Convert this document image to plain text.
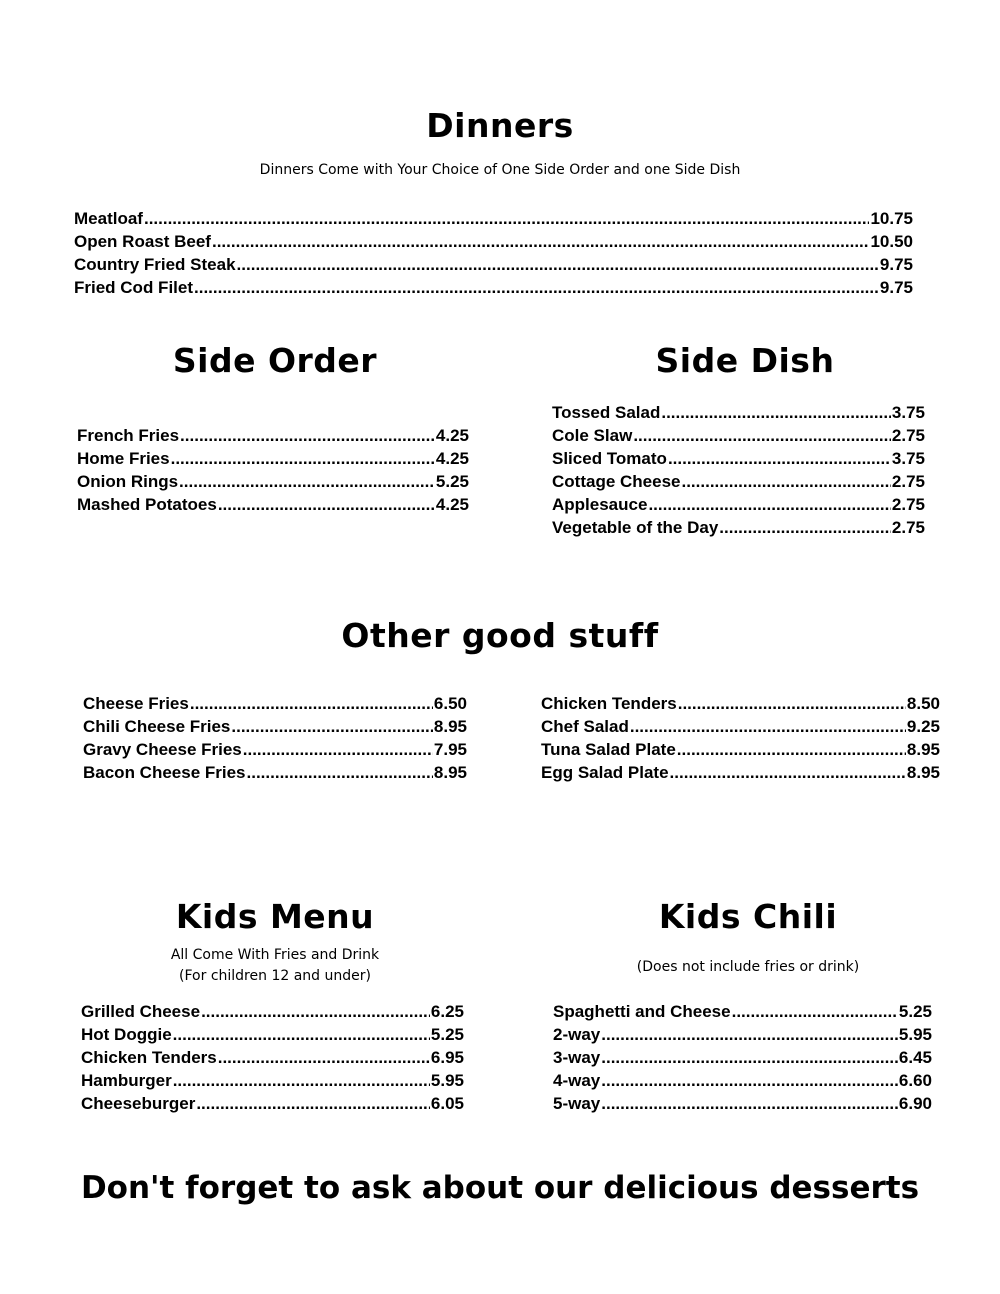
Dinners
Dinners Come with Your Choice of One Side Order and one Side Dish
Meatloaf .....	10.75
Open Roast Beef .....	10.50
Country Fried Steak .....	9.75
Fried Cod Filet .....	9.75
Side Order
French Fries .....	4.25
Home Fries .....	4.25
Onion Rings .....	5.25
Mashed Potatoes .....	4.25
Side Dish
Tossed Salad .....	3.75
Cole Slaw .....	2.75
Sliced Tomato .....	3.75
Cottage Cheese .....	2.75
Applesauce .....	2.75
Vegetable of the Day .....	2.75
Other good stuff
Cheese Fries .....	6.50
Chili Cheese Fries .....	8.95
Gravy Cheese Fries .....	7.95
Bacon Cheese Fries .....	8.95
Chicken Tenders .....	8.50
Chef Salad .....	9.25
Tuna Salad Plate .....	8.95
Egg Salad Plate .....	8.95
Kids Menu
All Come With Fries and Drink
(For children 12 and under)
Grilled Cheese .....	6.25
Hot Doggie .....	5.25
Chicken Tenders .....	6.95
Hamburger .....	5.95
Cheeseburger .....	6.05
Kids Chili
(Does not include fries or drink)
Spaghetti and Cheese .....	5.25
2-way .....	5.95
3-way .....	6.45
4-way .....	6.60
5-way .....	6.90
Don't forget to ask about our delicious desserts
